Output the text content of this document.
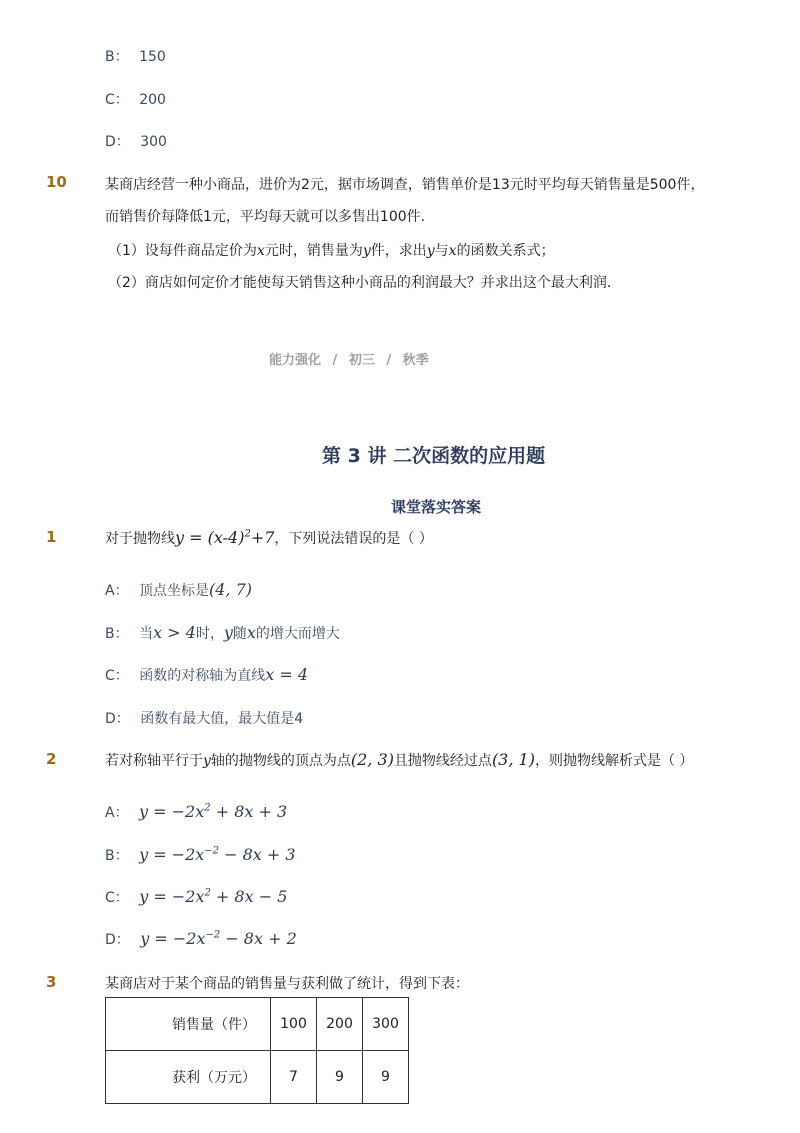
B： 150
C： 200
D： 300
10	某商店经营一种小商品，进价为2元，据市场调查，销售单价是13元时平均每天销售量是500件，
而销售价每降低1元，平均每天就可以多售出100件．
（1）设每件商品定价为x元时，销售量为y件，求出y与x的函数关系式；
（2）商店如何定价才能使每天销售这种小商品的利润最大？并求出这个最大利润．
能力强化 / 初三 / 秋季
第 3 讲 二次函数的应用题
课堂落实答案
1	对于抛物线$y = (x-4)^2+7$，下列说法错误的是（ ）
A： 顶点坐标是(4, 7)
B： 当x > 4时，y随x的增大而增大
C： 函数的对称轴为直线x = 4
D： 函数有最大值，最大值是4
2	若对称轴平行于y轴的抛物线的顶点为点(2, 3)且抛物线经过点(3, 1)，则抛物线解析式是（ ）
A： $y = -2x^2 + 8x + 3$
B： $y = -2x^{-2} - 8x + 3$
C： $y = -2x^2 + 8x - 5$
D： $y = -2x^{-2} - 8x + 2$
3	某商店对于某个商品的销售量与获利做了统计，得到下表：
销售量（件）	100	200	300
获利（万元）	7	9	9
